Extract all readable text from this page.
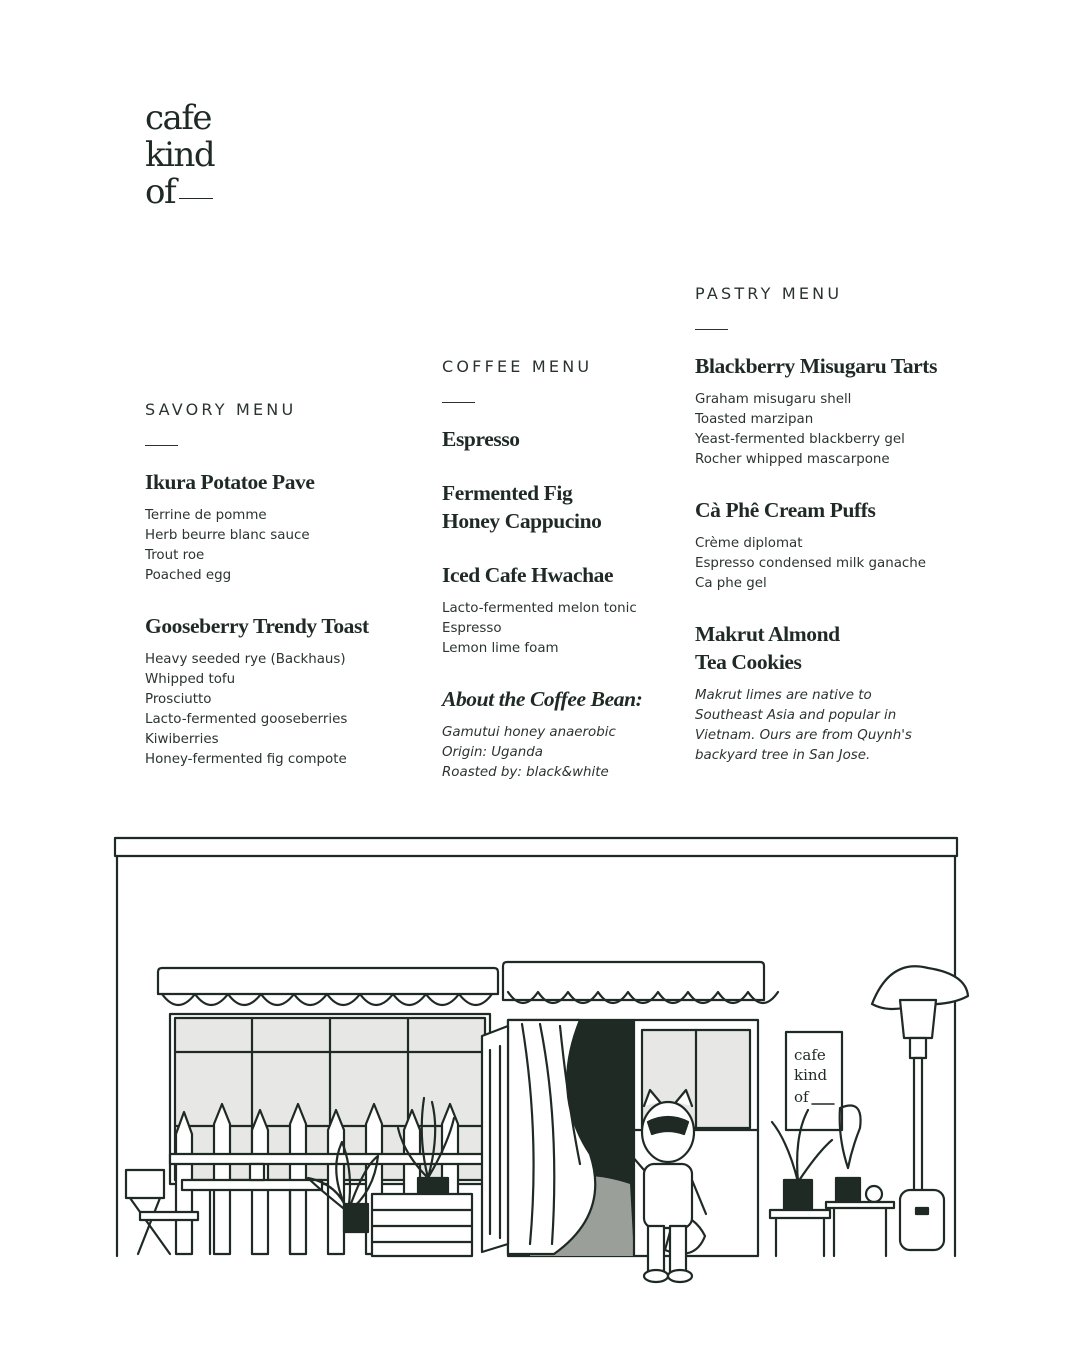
cafe
kind
of
SAVORY MENU
Ikura Potatoe Pave
Terrine de pomme
Herb beurre blanc sauce
Trout roe
Poached egg
Gooseberry Trendy Toast
Heavy seeded rye (Backhaus)
Whipped tofu
Prosciutto
Lacto-fermented gooseberries
Kiwiberries
Honey-fermented fig compote
COFFEE MENU
Espresso
Fermented Fig
Honey Cappucino
Iced Cafe Hwachae
Lacto-fermented melon tonic
Espresso
Lemon lime foam
About the Coffee Bean:
Gamutui honey anaerobic
Origin: Uganda
Roasted by: black&white
PASTRY MENU
Blackberry Misugaru Tarts
Graham misugaru shell
Toasted marzipan
Yeast-fermented blackberry gel
Rocher whipped mascarpone
Cà Phê Cream Puffs
Crème diplomat
Espresso condensed milk ganache
Ca phe gel
Makrut Almond
Tea Cookies
Makrut limes are native to
Southeast Asia and popular in
Vietnam. Ours are from Quynh's
backyard tree in San Jose.
cafe
kind
of
